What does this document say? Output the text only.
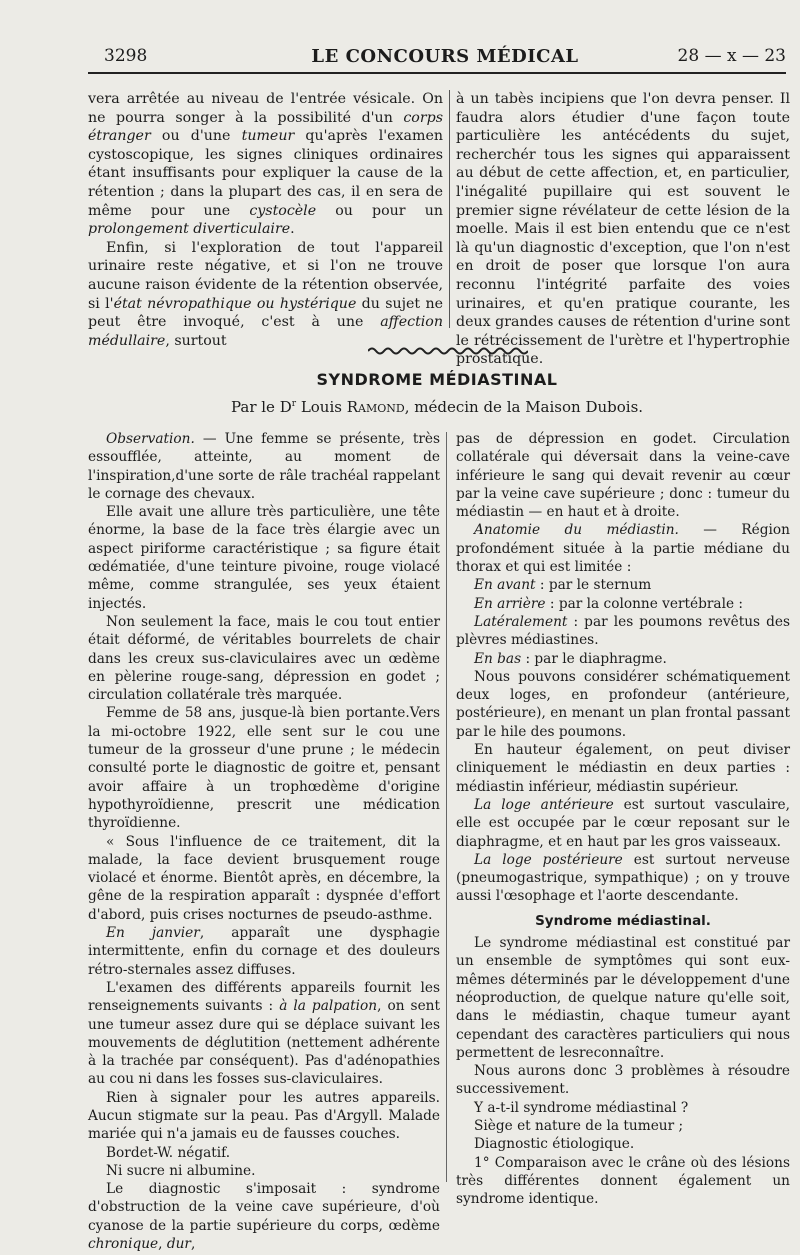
3298	LE CONCOURS MÉDICAL	28 — x — 23

vera arrêtée au niveau de l'entrée vésicale. On ne pourra songer à la possibilité d'un corps étranger ou d'une tumeur qu'après l'examen cystoscopique, les signes cliniques ordinaires étant insuffisants pour expliquer la cause de la rétention ; dans la plupart des cas, il en sera de même pour une cystocèle ou pour un prolongement diverticulaire.

Enfin, si l'exploration de tout l'appareil urinaire reste négative, et si l'on ne trouve aucune raison évidente de la rétention observée, si l'état névropathique ou hystérique du sujet ne peut être invoqué, c'est à une affection médullaire, surtout

à un tabès incipiens que l'on devra penser. Il faudra alors étudier d'une façon toute particulière les antécédents du sujet, recherchér tous les signes qui apparaissent au début de cette affection, et, en particulier, l'inégalité pupillaire qui est souvent le premier signe révélateur de cette lésion de la moelle. Mais il est bien entendu que ce n'est là qu'un diagnostic d'exception, que l'on n'est en droit de poser que lorsque l'on aura reconnu l'intégrité parfaite des voies urinaires, et qu'en pratique courante, les deux grandes causes de rétention d'urine sont le rétrécissement de l'urètre et l'hypertrophie prostatique.

SYNDROME MÉDIASTINAL
Par le $D^r$ Louis Ramond, médecin de la Maison Dubois.

Observation. — Une femme se présente, très essoufflée, atteinte, au moment de l'inspiration,d'une sorte de râle trachéal rappelant le cornage des chevaux.

Elle avait une allure très particulière, une tête énorme, la base de la face très élargie avec un aspect piriforme caractéristique ; sa figure était œdématiée, d'une teinture pivoine, rouge violacé même, comme strangulée, ses yeux étaient injectés.

Non seulement la face, mais le cou tout entier était déformé, de véritables bourrelets de chair dans les creux sus-claviculaires avec un œdème en pèlerine rouge-sang, dépression en godet ; circulation collatérale très marquée.

Femme de 58 ans, jusque-là bien portante.Vers la mi-octobre 1922, elle sent sur le cou une tumeur de la grosseur d'une prune ; le médecin consulté porte le diagnostic de goitre et, pensant avoir affaire à un trophœdème d'origine hypothyroïdienne, prescrit une médication thyroïdienne.

« Sous l'influence de ce traitement, dit la malade, la face devient brusquement rouge violacé et énorme. Bientôt après, en décembre, la gêne de la respiration apparaît : dyspnée d'effort d'abord, puis crises nocturnes de pseudo-asthme.

En janvier, apparaît une dysphagie intermittente, enfin du cornage et des douleurs rétro-sternales assez diffuses.

L'examen des différents appareils fournit les renseignements suivants : à la palpation, on sent une tumeur assez dure qui se déplace suivant les mouvements de déglutition (nettement adhérente à la trachée par conséquent). Pas d'adénopathies au cou ni dans les fosses sus-claviculaires.

Rien à signaler pour les autres appareils. Aucun stigmate sur la peau. Pas d'Argyll. Malade mariée qui n'a jamais eu de fausses couches.

Bordet-W. négatif.

Ni sucre ni albumine.

Le diagnostic s'imposait : syndrome d'obstruction de la veine cave supérieure, d'où cyanose de la partie supérieure du corps, œdème chronique, dur,

pas de dépression en godet. Circulation collatérale qui déversait dans la veine-cave inférieure le sang qui devait revenir au cœur par la veine cave supérieure ; donc : tumeur du médiastin — en haut et à droite.

Anatomie du médiastin. — Région profondément située à la partie médiane du thorax et qui est limitée :

En avant : par le sternum

En arrière : par la colonne vertébrale :

Latéralement : par les poumons revêtus des plèvres médiastines.

En bas : par le diaphragme.

Nous pouvons considérer schématiquement deux loges, en profondeur (antérieure, postérieure), en menant un plan frontal passant par le hile des poumons.

En hauteur également, on peut diviser cliniquement le médiastin en deux parties : médiastin inférieur, médiastin supérieur.

La loge antérieure est surtout vasculaire, elle est occupée par le cœur reposant sur le diaphragme, et en haut par les gros vaisseaux.

La loge postérieure est surtout nerveuse (pneumogastrique, sympathique) ; on y trouve aussi l'œsophage et l'aorte descendante.

Syndrome médiastinal.

Le syndrome médiastinal est constitué par un ensemble de symptômes qui sont eux-mêmes déterminés par le développement d'une néoproduction, de quelque nature qu'elle soit, dans le médiastin, chaque tumeur ayant cependant des caractères particuliers qui nous permettent de lesreconnaître.

Nous aurons donc 3 problèmes à résoudre successivement.

Y a-t-il syndrome médiastinal ?

Siège et nature de la tumeur ;

Diagnostic étiologique.

1° Comparaison avec le crâne où des lésions très différentes donnent également un syndrome identique.
